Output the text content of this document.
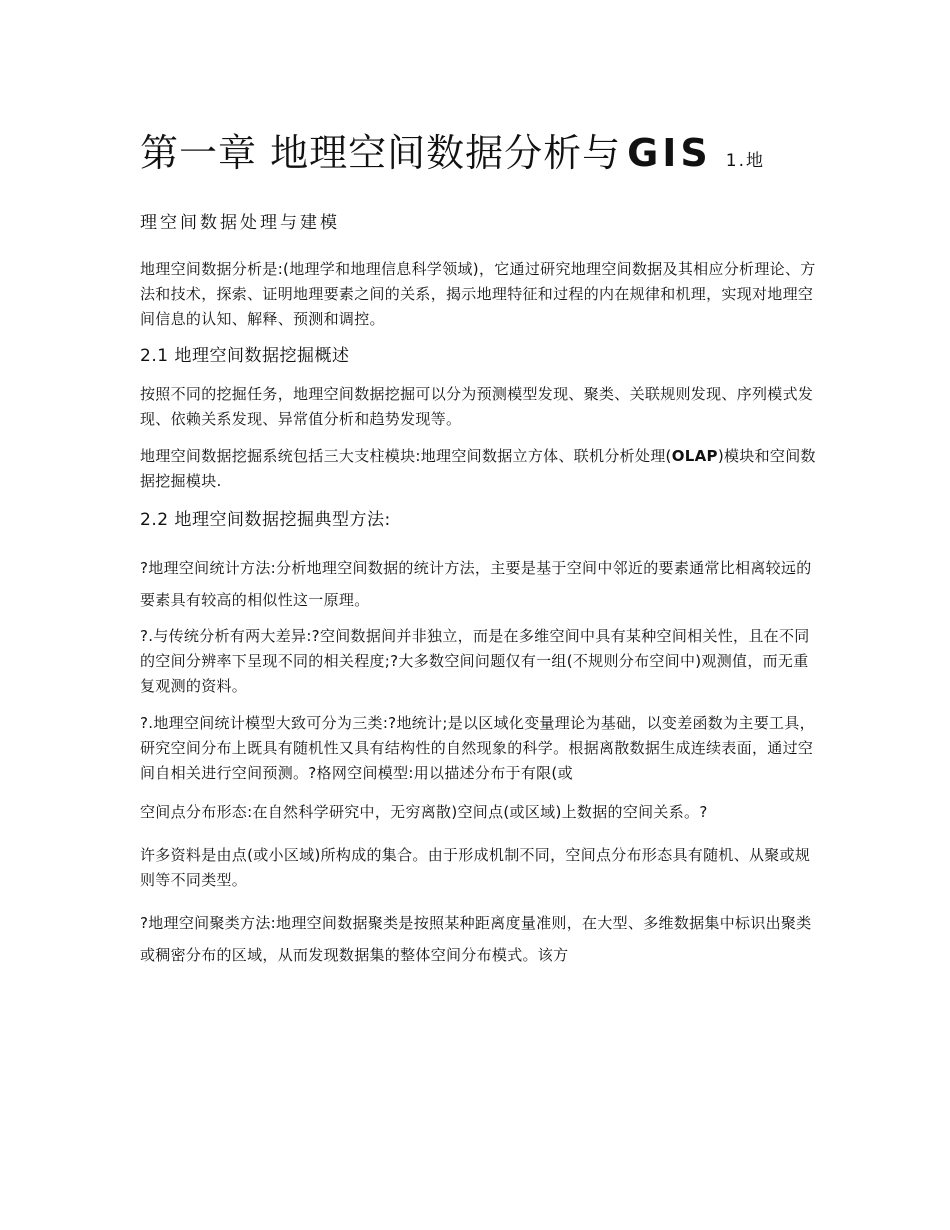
第一章 地理空间数据分析与 GIS 1.地
理空间数据处理与建模

地理空间数据分析是:(地理学和地理信息科学领域)，它通过研究地理空间数据及其相应分析理论、方法和技术，探索、证明地理要素之间的关系，揭示地理特征和过程的内在规律和机理，实现对地理空间信息的认知、解释、预测和调控。

2.1 地理空间数据挖掘概述

按照不同的挖掘任务，地理空间数据挖掘可以分为预测模型发现、聚类、关联规则发现、序列模式发现、依赖关系发现、异常值分析和趋势发现等。

地理空间数据挖掘系统包括三大支柱模块:地理空间数据立方体、联机分析处理(OLAP)模块和空间数据挖掘模块.

2.2 地理空间数据挖掘典型方法:

?地理空间统计方法:分析地理空间数据的统计方法，主要是基于空间中邻近的要素通常比相离较远的要素具有较高的相似性这一原理。

?.与传统分析有两大差异:?空间数据间并非独立，而是在多维空间中具有某种空间相关性，且在不同的空间分辨率下呈现不同的相关程度;?大多数空间问题仅有一组(不规则分布空间中)观测值，而无重复观测的资料。

?.地理空间统计模型大致可分为三类:?地统计;是以区域化变量理论为基础，以变差函数为主要工具，研究空间分布上既具有随机性又具有结构性的自然现象的科学。根据离散数据生成连续表面，通过空间自相关进行空间预测。?格网空间模型:用以描述分布于有限(或

空间点分布形态:在自然科学研究中，无穷离散)空间点(或区域)上数据的空间关系。?

许多资料是由点(或小区域)所构成的集合。由于形成机制不同，空间点分布形态具有随机、从聚或规则等不同类型。

?地理空间聚类方法:地理空间数据聚类是按照某种距离度量准则，在大型、多维数据集中标识出聚类或稠密分布的区域，从而发现数据集的整体空间分布模式。该方
